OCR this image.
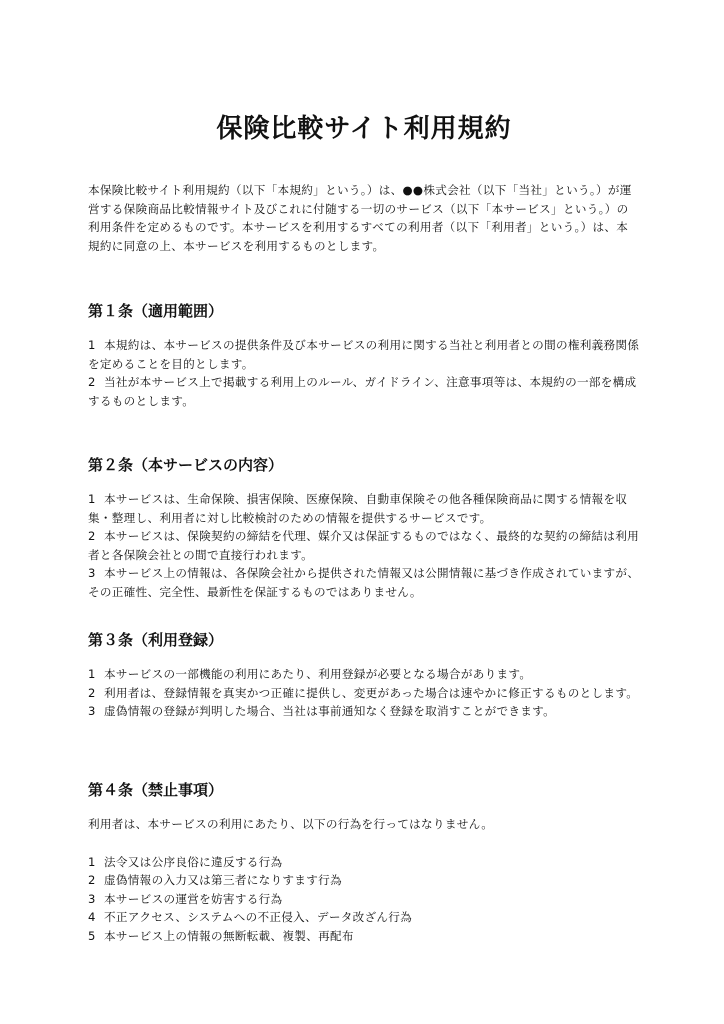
保険比較サイト利用規約

本保険比較サイト利用規約（以下「本規約」という。）は、●●株式会社（以下「当社」という。）が運営する保険商品比較情報サイト及びこれに付随する一切のサービス（以下「本サービス」という。）の利用条件を定めるものです。本サービスを利用するすべての利用者（以下「利用者」という。）は、本規約に同意の上、本サービスを利用するものとします。

第１条（適用範囲）

1 本規約は、本サービスの提供条件及び本サービスの利用に関する当社と利用者との間の権利義務関係を定めることを目的とします。

2 当社が本サービス上で掲載する利用上のルール、ガイドライン、注意事項等は、本規約の一部を構成するものとします。

第２条（本サービスの内容）

1 本サービスは、生命保険、損害保険、医療保険、自動車保険その他各種保険商品に関する情報を収集・整理し、利用者に対し比較検討のための情報を提供するサービスです。

2 本サービスは、保険契約の締結を代理、媒介又は保証するものではなく、最終的な契約の締結は利用者と各保険会社との間で直接行われます。

3 本サービス上の情報は、各保険会社から提供された情報又は公開情報に基づき作成されていますが、その正確性、完全性、最新性を保証するものではありません。

第３条（利用登録）

1 本サービスの一部機能の利用にあたり、利用登録が必要となる場合があります。

2 利用者は、登録情報を真実かつ正確に提供し、変更があった場合は速やかに修正するものとします。

3 虚偽情報の登録が判明した場合、当社は事前通知なく登録を取消すことができます。

第４条（禁止事項）

利用者は、本サービスの利用にあたり、以下の行為を行ってはなりません。

1 法令又は公序良俗に違反する行為

2 虚偽情報の入力又は第三者になりすます行為

3 本サービスの運営を妨害する行為

4 不正アクセス、システムへの不正侵入、データ改ざん行為

5 本サービス上の情報の無断転載、複製、再配布
